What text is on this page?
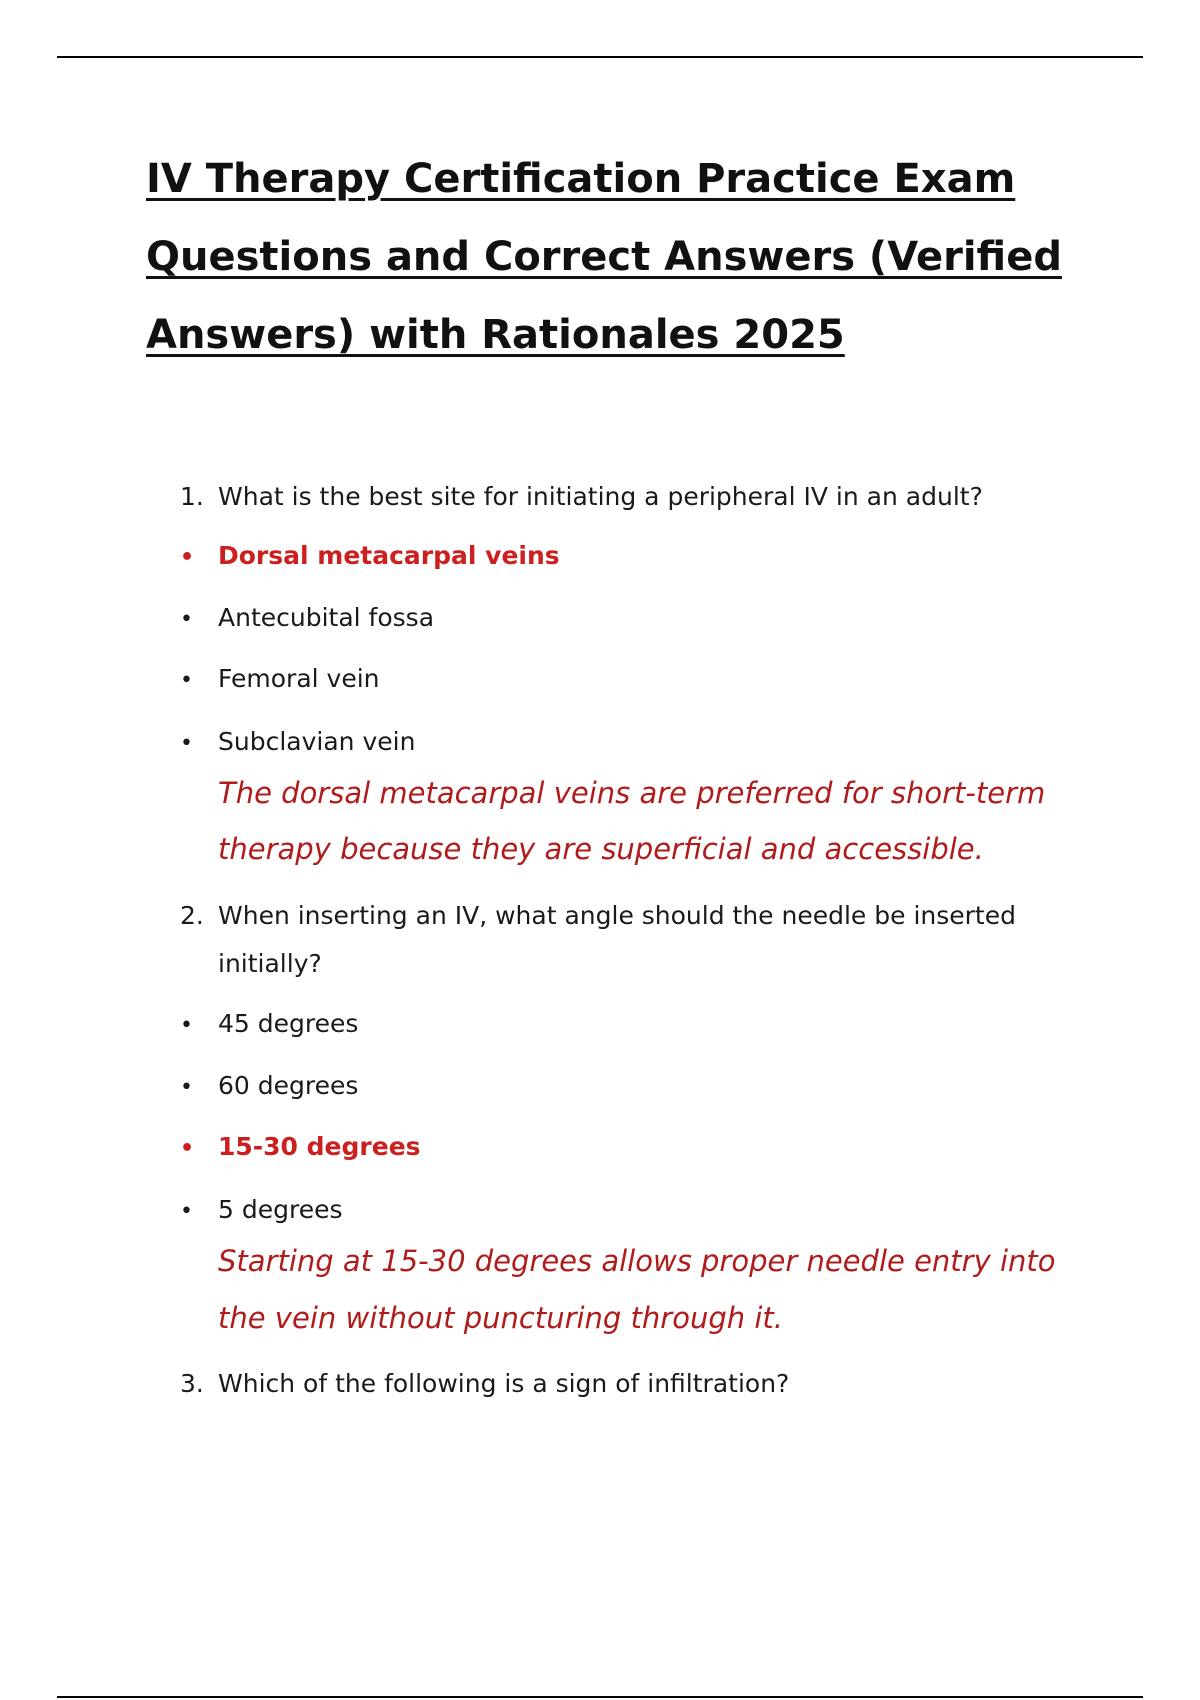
IV Therapy Certification Practice Exam
Questions and Correct Answers (Verified
Answers) with Rationales 2025
1. What is the best site for initiating a peripheral IV in an adult?
• Dorsal metacarpal veins
• Antecubital fossa
• Femoral vein
• Subclavian vein
The dorsal metacarpal veins are preferred for short-term
therapy because they are superficial and accessible.
2. When inserting an IV, what angle should the needle be inserted
initially?
• 45 degrees
• 60 degrees
• 15-30 degrees
• 5 degrees
Starting at 15-30 degrees allows proper needle entry into
the vein without puncturing through it.
3. Which of the following is a sign of infiltration?
